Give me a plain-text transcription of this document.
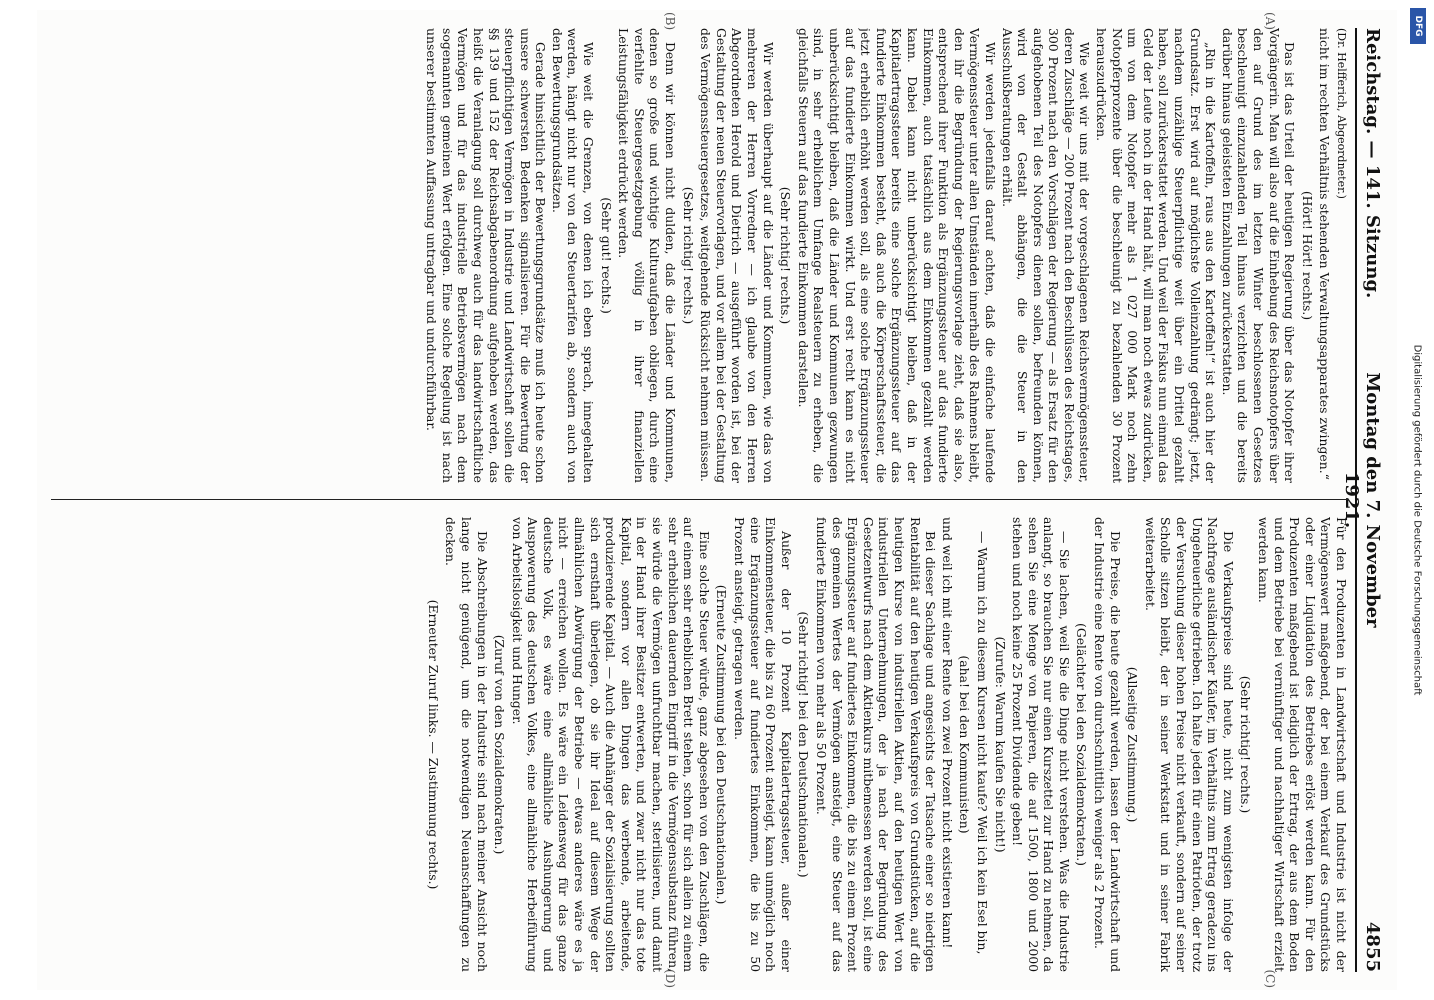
Reichstag. — 141. Sitzung.
Montag den 7. November 1921.
4855
(A)
(B)
(C)
(D)

(Dr. Helfferich, Abgeordneter.)

nicht im rechten Verhältnis stehenden Verwaltungsapparates zwingen.“

(Hört! Hört! rechts.)

Das ist das Urteil der heutigen Regierung über das Notopfer ihrer Vorgängerin. Man will also auf die Einhebung des Reichsnotopfers über den auf Grund des im letzten Winter beschlossenen Gesetzes beschleunigt einzuzahlenden Teil hinaus verzichten und die bereits darüber hinaus geleisteten Einzahlungen zurückerstatten.

„Rin in die Kartoffeln, raus aus den Kartoffeln!“ ist auch hier der Grundsatz. Erst wird auf möglichste Volleinzahlung gedrängt; jetzt, nachdem unzählige Steuerpflichtige weit über ein Drittel gezahlt haben, soll zurückerstattet werden. Und weil der Fiskus nun einmal das Geld der Leute noch in der Hand hält, will man noch etwas zudrücken, um von dem Notopfer mehr als 1 027 000 Mark noch zehn Notopferprozente über die beschleunigt zu bezahlenden 30 Prozent herauszudrücken.

Wie weit wir uns mit der vorgeschlagenen Reichsvermögenssteuer, deren Zuschläge — 200 Prozent nach den Beschlüssen des Reichstages, 300 Prozent nach den Vorschlägen der Regierung — als Ersatz für den aufgehobenen Teil des Notopfers dienen sollen, befreunden können, wird von der Gestalt abhängen, die die Steuer in den Ausschußberatungen erhält.

Wir werden jedenfalls darauf achten, daß die einfache laufende Vermögenssteuer unter allen Umständen innerhalb des Rahmens bleibt, den ihr die Begründung der Regierungsvorlage zieht, daß sie also, entsprechend ihrer Funktion als Ergänzungssteuer auf das fundierte Einkommen, auch tatsächlich aus dem Einkommen gezahlt werden kann. Dabei kann nicht unberücksichtigt bleiben, daß in der Kapitalertragssteuer bereits eine solche Ergänzungssteuer auf das fundierte Einkommen besteht, daß auch die Körperschaftssteuer, die jetzt erheblich erhöht werden soll, als eine solche Ergänzungssteuer auf das fundierte Einkommen wirkt. Und erst recht kann es nicht unberücksichtigt bleiben, daß die Länder und Kommunen gezwungen sind, in sehr erheblichem Umfange Realsteuern zu erheben, die gleichfalls Steuern auf das fundierte Einkommen darstellen.

(Sehr richtig! rechts.)

Wir werden überhaupt auf die Länder und Kommunen, wie das von mehreren der Herren Vorredner — ich glaube von den Herren Abgeordneten Herold und Dietrich — ausgeführt worden ist, bei der Gestaltung der neuen Steuervorlagen, und vor allem bei der Gestaltung des Vermögenssteuergesetzes, weitgehende Rücksicht nehmen müssen.

(Sehr richtig! rechts.)

Denn wir können nicht dulden, daß die Länder und Kommunen, denen so große und wichtige Kulturaufgaben obliegen, durch eine verfehlte Steuergesetzgebung völlig in ihrer finanziellen Leistungsfähigkeit erdrückt werden.

(Sehr gut! rechts.)

Wie weit die Grenzen, von denen ich eben sprach, innegehalten werden, hängt nicht nur von den Steuertarifen ab, sondern auch von den Bewertungsgrundsätzen.

Gerade hinsichtlich der Bewertungsgrundsätze muß ich heute schon unsere schwersten Bedenken signalisieren. Für die Bewertung der steuerpflichtigen Vermögen in Industrie und Landwirtschaft sollen die §§ 139 und 152 der Reichsabgabenordnung aufgehoben werden, das heißt die Veranlagung soll durchweg auch für das landwirtschaftliche Vermögen und für das industrielle Betriebsvermögen nach dem sogenannten gemeinen Wert erfolgen. Eine solche Regelung ist nach unserer bestimmten Auffassung untragbar und undurchführbar.

Für den Produzenten in Landwirtschaft und Industrie ist nicht der Vermögenswert maßgebend, der bei einem Verkauf des Grundstücks oder einer Liquidation des Betriebes erlöst werden kann. Für den Produzenten maßgebend ist lediglich der Ertrag, der aus dem Boden und dem Betriebe bei vernünftiger und nachhaltiger Wirtschaft erzielt werden kann.

(Sehr richtig! rechts.)

Die Verkaufspreise sind heute, nicht zum wenigsten infolge der Nachfrage ausländischer Käufer, im Verhältnis zum Ertrag geradezu ins Ungeheuerliche getrieben. Ich halte jeden für einen Patrioten, der trotz der Versuchung dieser hohen Preise nicht verkauft, sondern auf seiner Scholle sitzen bleibt, der in seiner Werkstatt und in seiner Fabrik weiterarbeitet.

(Allseitige Zustimmung.)

Die Preise, die heute gezahlt werden, lassen der Landwirtschaft und der Industrie eine Rente von durchschnittlich weniger als 2 Prozent.

(Gelächter bei den Sozialdemokraten.)

— Sie lachen, weil Sie die Dinge nicht verstehen. Was die Industrie anlangt, so brauchen Sie nur einen Kurszettel zur Hand zu nehmen, da sehen Sie eine Menge von Papieren, die auf 1500, 1800 und 2000 stehen und noch keine 25 Prozent Dividende geben!

(Zurufe: Warum kaufen Sie nicht!)

— Warum ich zu diesem Kursen nicht kaufe? Weil ich kein Esel bin,

(aha! bei den Kommunisten)

und weil ich mit einer Rente von zwei Prozent nicht existieren kann!

Bei dieser Sachlage und angesichts der Tatsache einer so niedrigen Rentabilität auf den heutigen Verkaufspreis von Grundstücken, auf die heutigen Kurse von industriellen Aktien, auf den heutigen Wert von industriellen Unternehmungen, der ja nach der Begründung des Gesetzentwurfs nach dem Aktienkurs mitbemessen werden soll, ist eine Ergänzungssteuer auf fundiertes Einkommen, die bis zu einem Prozent des gemeinen Wertes der Vermögen ansteigt, eine Steuer auf das fundierte Einkommen von mehr als 50 Prozent.

(Sehr richtig! bei den Deutschnationalen.)

Außer der 10 Prozent Kapitalertragssteuer, außer einer Einkommensteuer, die bis zu 60 Prozent ansteigt, kann unmöglich noch eine Ergänzungssteuer auf fundiertes Einkommen, die bis zu 50 Prozent ansteigt, getragen werden.

(Erneute Zustimmung bei den Deutschnationalen.)

Eine solche Steuer würde, ganz abgesehen von den Zuschlägen, die auf einem sehr erheblichen Brett stehen, schon für sich allein zu einem sehr erheblichen dauernden Eingriff in die Vermögenssubstanz führen, sie würde die Vermögen unfruchtbar machen, sterilisieren, und damit in der Hand ihrer Besitzer entwerten, und zwar nicht nur das tote Kapital, sondern vor allen Dingen das werbende, arbeitende, produzierende Kapital. — Auch die Anhänger der Sozialisierung sollten sich ernsthaft überlegen, ob sie ihr Ideal auf diesem Wege der allmählichen Abwürgung der Betriebe — etwas anderes wäre es ja nicht — erreichen wollen. Es wäre ein Leidensweg für das ganze deutsche Volk, es wäre eine allmähliche Aushungerung und Auspowerung des deutschen Volkes, eine allmähliche Herbeiführung von Arbeitslosigkeit und Hunger.

(Zuruf von den Sozialdemokraten.)

Die Abschreibungen in der Industrie sind nach meiner Ansicht noch lange nicht genügend, um die notwendigen Neuanschaffungen zu decken.

(Erneuter Zuruf links. — Zustimmung rechts.)

DFG
Digitalisierung gefördert durch die Deutsche Forschungsgemeinschaft
